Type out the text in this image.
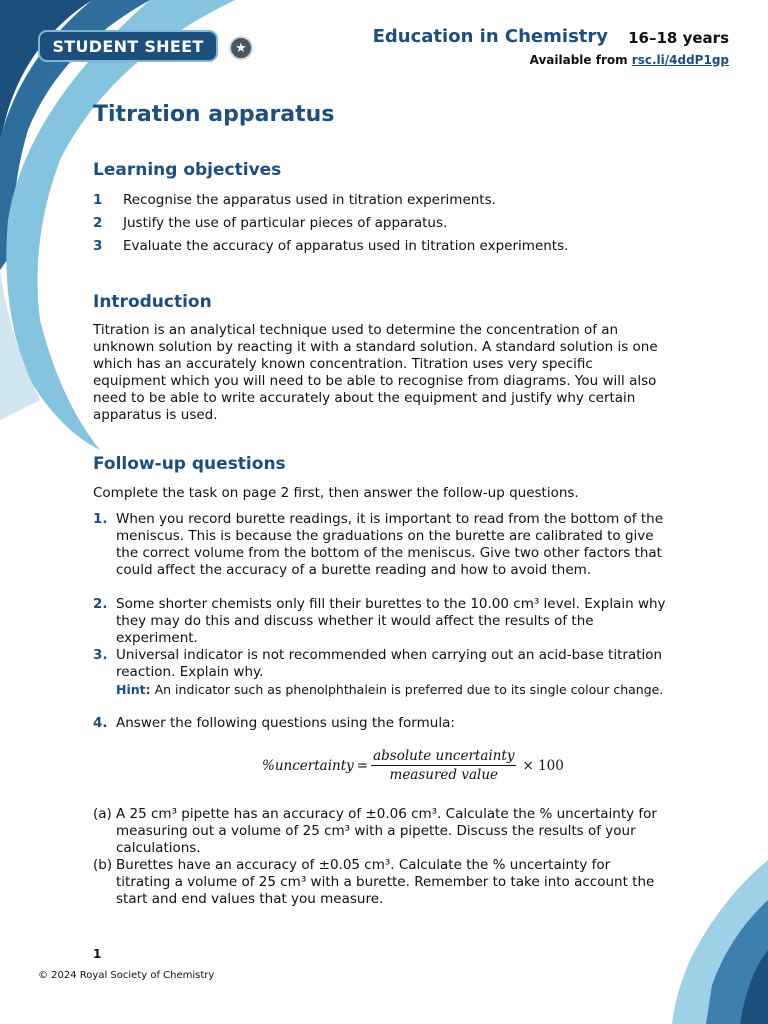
STUDENT SHEET	★
Education in Chemistry 16–18 years
Available from rsc.li/4ddP1gp
Titration apparatus
Learning objectives
1 Recognise the apparatus used in titration experiments.
2 Justify the use of particular pieces of apparatus.
3 Evaluate the accuracy of apparatus used in titration experiments.
Introduction
Titration is an analytical technique used to determine the concentration of an unknown solution by reacting it with a standard solution. A standard solution is one which has an accurately known concentration. Titration uses very specific equipment which you will need to be able to recognise from diagrams. You will also need to be able to write accurately about the equipment and justify why certain apparatus is used.
Follow-up questions
Complete the task on page 2 first, then answer the follow-up questions.
1. When you record burette readings, it is important to read from the bottom of the meniscus. This is because the graduations on the burette are calibrated to give the correct volume from the bottom of the meniscus. Give two other factors that could affect the accuracy of a burette reading and how to avoid them.
2. Some shorter chemists only fill their burettes to the 10.00 cm³ level. Explain why they may do this and discuss whether it would affect the results of the experiment.
3. Universal indicator is not recommended when carrying out an acid-base titration reaction. Explain why.
Hint: An indicator such as phenolphthalein is preferred due to its single colour change.
4. Answer the following questions using the formula:
%uncertainty = $\frac{\text{absolute uncertainty}}{\text{measured value}} \times 100$
(a) A 25 cm³ pipette has an accuracy of ±0.06 cm³. Calculate the % uncertainty for measuring out a volume of 25 cm³ with a pipette. Discuss the results of your calculations.
(b) Burettes have an accuracy of ±0.05 cm³. Calculate the % uncertainty for titrating a volume of 25 cm³ with a burette. Remember to take into account the start and end values that you measure.
1
© 2024 Royal Society of Chemistry
